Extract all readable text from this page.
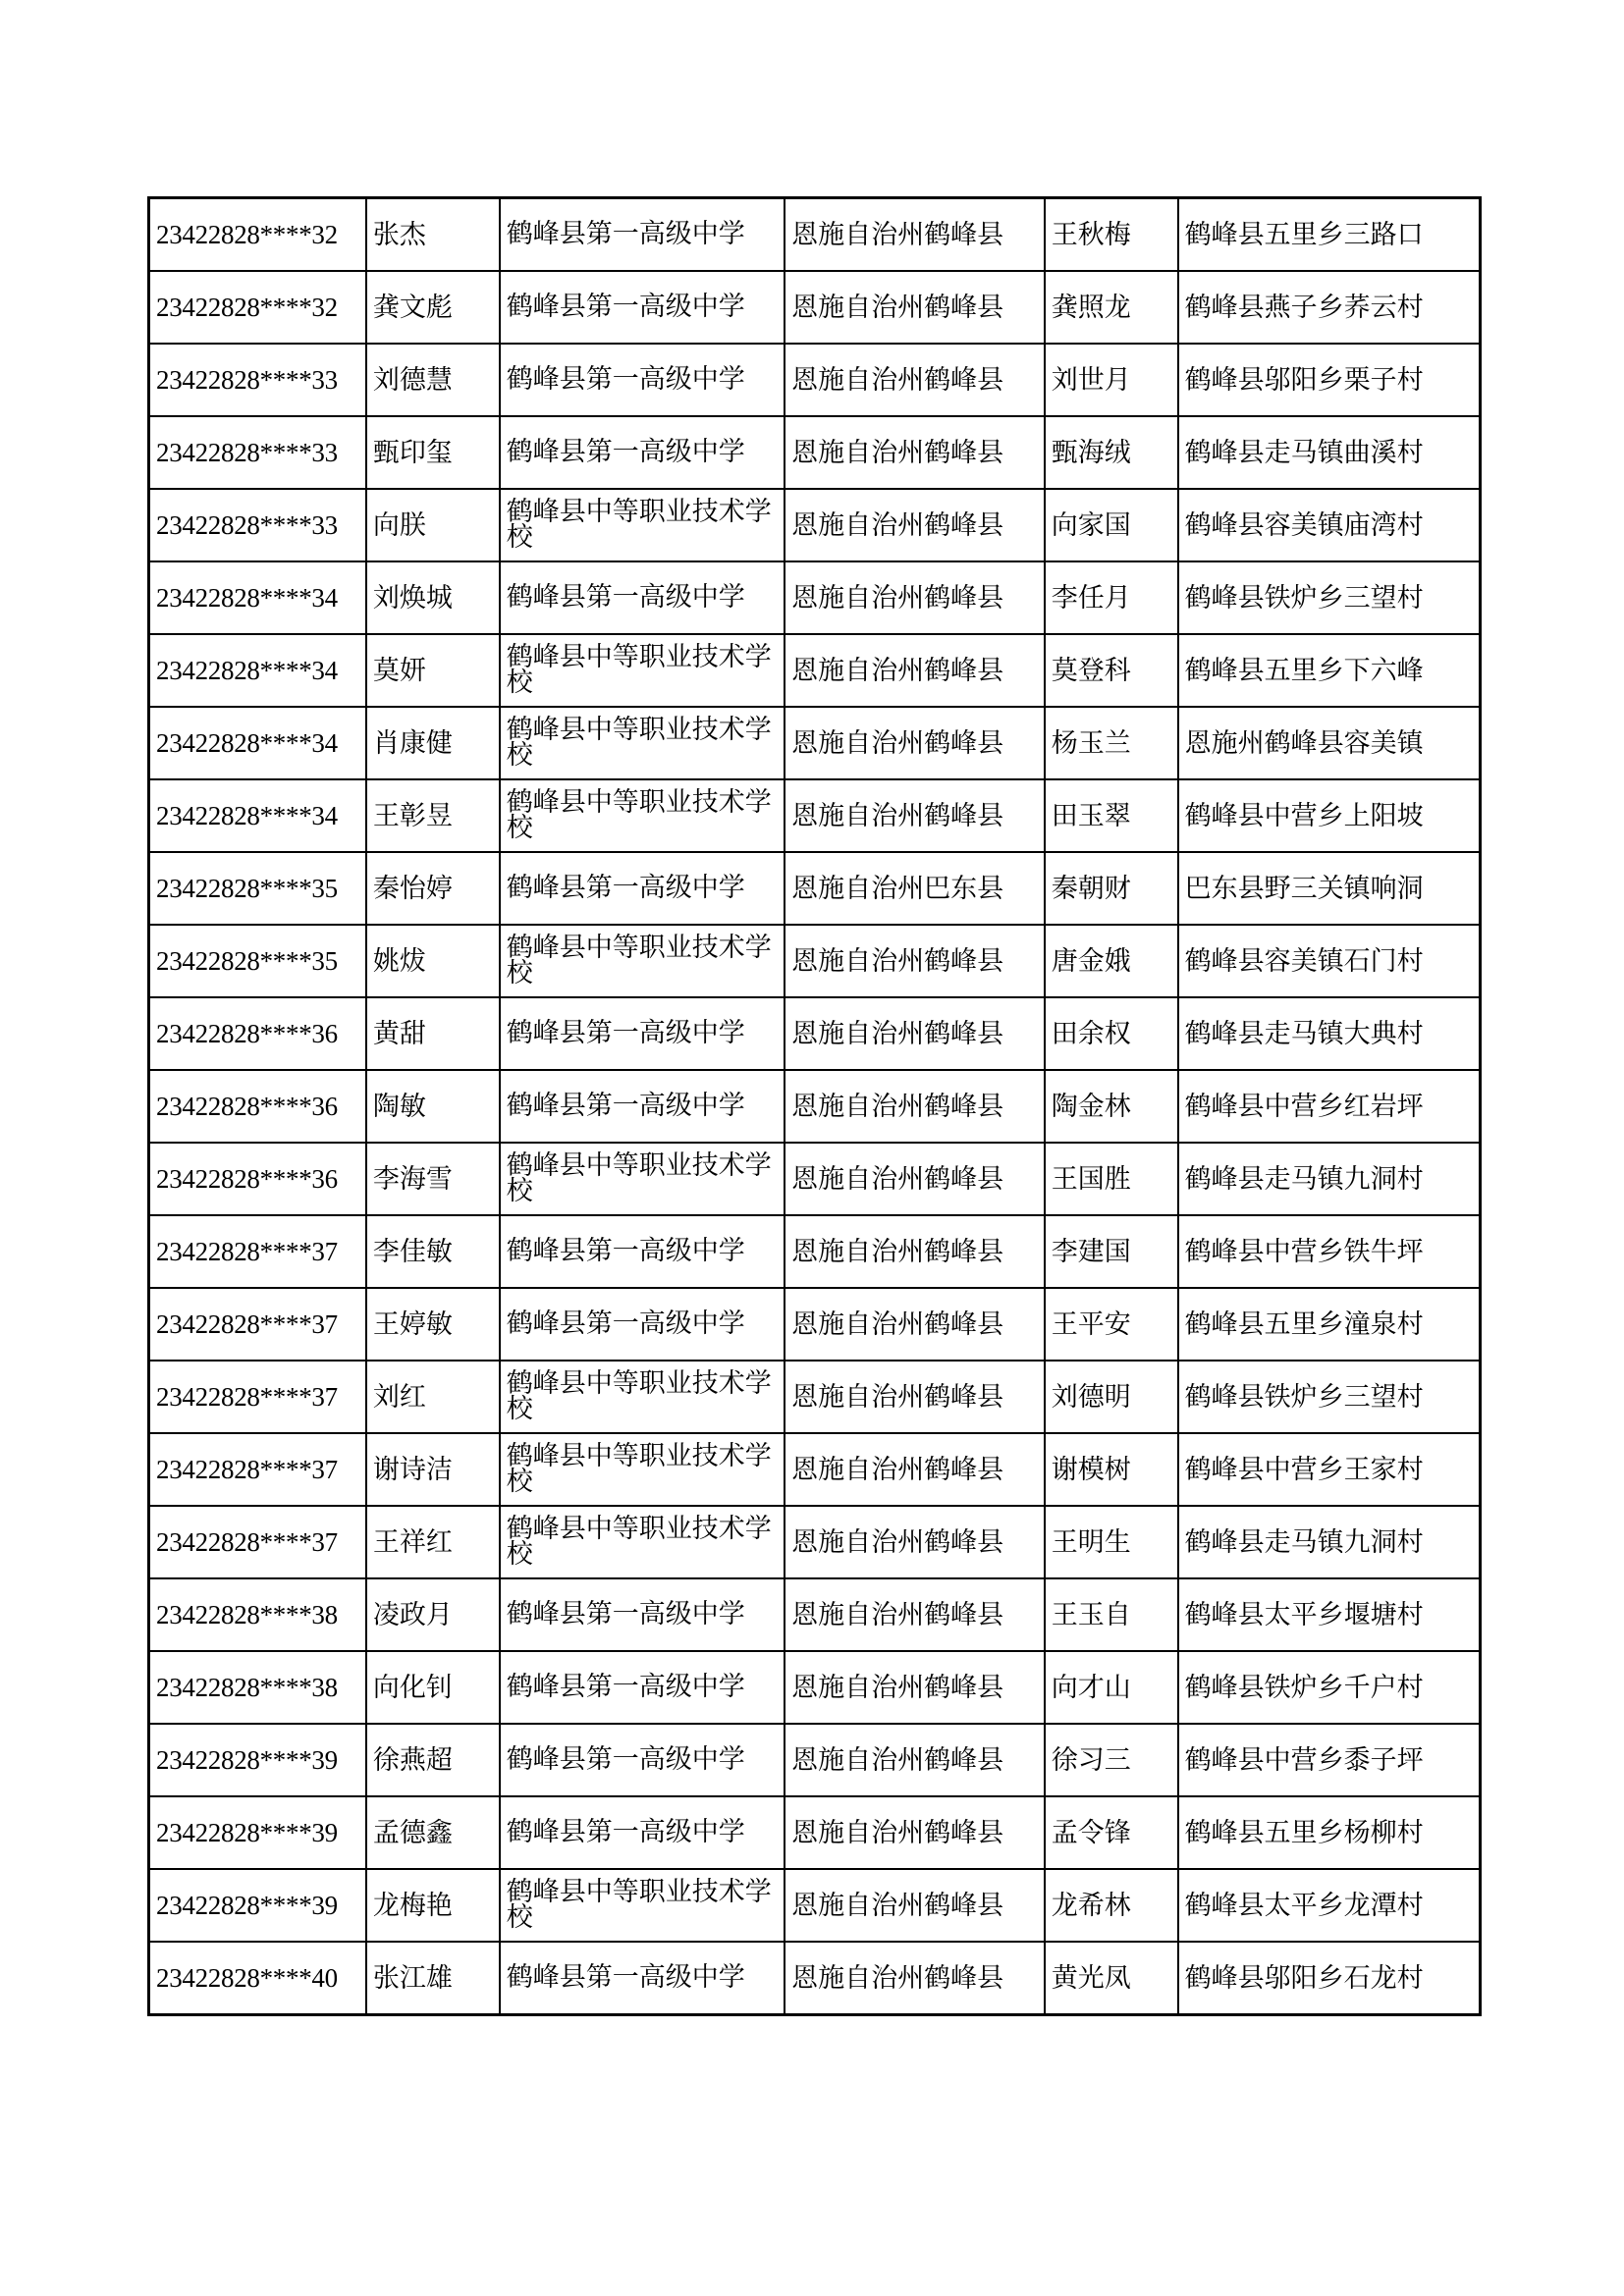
23422828****32	张杰	鹤峰县第一高级中学	恩施自治州鹤峰县	王秋梅	鹤峰县五里乡三路口
23422828****32	龚文彪	鹤峰县第一高级中学	恩施自治州鹤峰县	龚照龙	鹤峰县燕子乡荞云村
23422828****33	刘德慧	鹤峰县第一高级中学	恩施自治州鹤峰县	刘世月	鹤峰县邬阳乡栗子村
23422828****33	甄印玺	鹤峰县第一高级中学	恩施自治州鹤峰县	甄海绒	鹤峰县走马镇曲溪村
23422828****33	向朕	鹤峰县中等职业技术学校	恩施自治州鹤峰县	向家国	鹤峰县容美镇庙湾村
23422828****34	刘焕城	鹤峰县第一高级中学	恩施自治州鹤峰县	李任月	鹤峰县铁炉乡三望村
23422828****34	莫妍	鹤峰县中等职业技术学校	恩施自治州鹤峰县	莫登科	鹤峰县五里乡下六峰
23422828****34	肖康健	鹤峰县中等职业技术学校	恩施自治州鹤峰县	杨玉兰	恩施州鹤峰县容美镇
23422828****34	王彰昱	鹤峰县中等职业技术学校	恩施自治州鹤峰县	田玉翠	鹤峰县中营乡上阳坡
23422828****35	秦怡婷	鹤峰县第一高级中学	恩施自治州巴东县	秦朝财	巴东县野三关镇响洞
23422828****35	姚炦	鹤峰县中等职业技术学校	恩施自治州鹤峰县	唐金娥	鹤峰县容美镇石门村
23422828****36	黄甜	鹤峰县第一高级中学	恩施自治州鹤峰县	田余权	鹤峰县走马镇大典村
23422828****36	陶敏	鹤峰县第一高级中学	恩施自治州鹤峰县	陶金林	鹤峰县中营乡红岩坪
23422828****36	李海雪	鹤峰县中等职业技术学校	恩施自治州鹤峰县	王国胜	鹤峰县走马镇九洞村
23422828****37	李佳敏	鹤峰县第一高级中学	恩施自治州鹤峰县	李建国	鹤峰县中营乡铁牛坪
23422828****37	王婷敏	鹤峰县第一高级中学	恩施自治州鹤峰县	王平安	鹤峰县五里乡潼泉村
23422828****37	刘红	鹤峰县中等职业技术学校	恩施自治州鹤峰县	刘德明	鹤峰县铁炉乡三望村
23422828****37	谢诗洁	鹤峰县中等职业技术学校	恩施自治州鹤峰县	谢模树	鹤峰县中营乡王家村
23422828****37	王祥红	鹤峰县中等职业技术学校	恩施自治州鹤峰县	王明生	鹤峰县走马镇九洞村
23422828****38	凌政月	鹤峰县第一高级中学	恩施自治州鹤峰县	王玉自	鹤峰县太平乡堰塘村
23422828****38	向化钊	鹤峰县第一高级中学	恩施自治州鹤峰县	向才山	鹤峰县铁炉乡千户村
23422828****39	徐燕超	鹤峰县第一高级中学	恩施自治州鹤峰县	徐习三	鹤峰县中营乡黍子坪
23422828****39	孟德鑫	鹤峰县第一高级中学	恩施自治州鹤峰县	孟令锋	鹤峰县五里乡杨柳村
23422828****39	龙梅艳	鹤峰县中等职业技术学校	恩施自治州鹤峰县	龙希林	鹤峰县太平乡龙潭村
23422828****40	张江雄	鹤峰县第一高级中学	恩施自治州鹤峰县	黄光凤	鹤峰县邬阳乡石龙村
